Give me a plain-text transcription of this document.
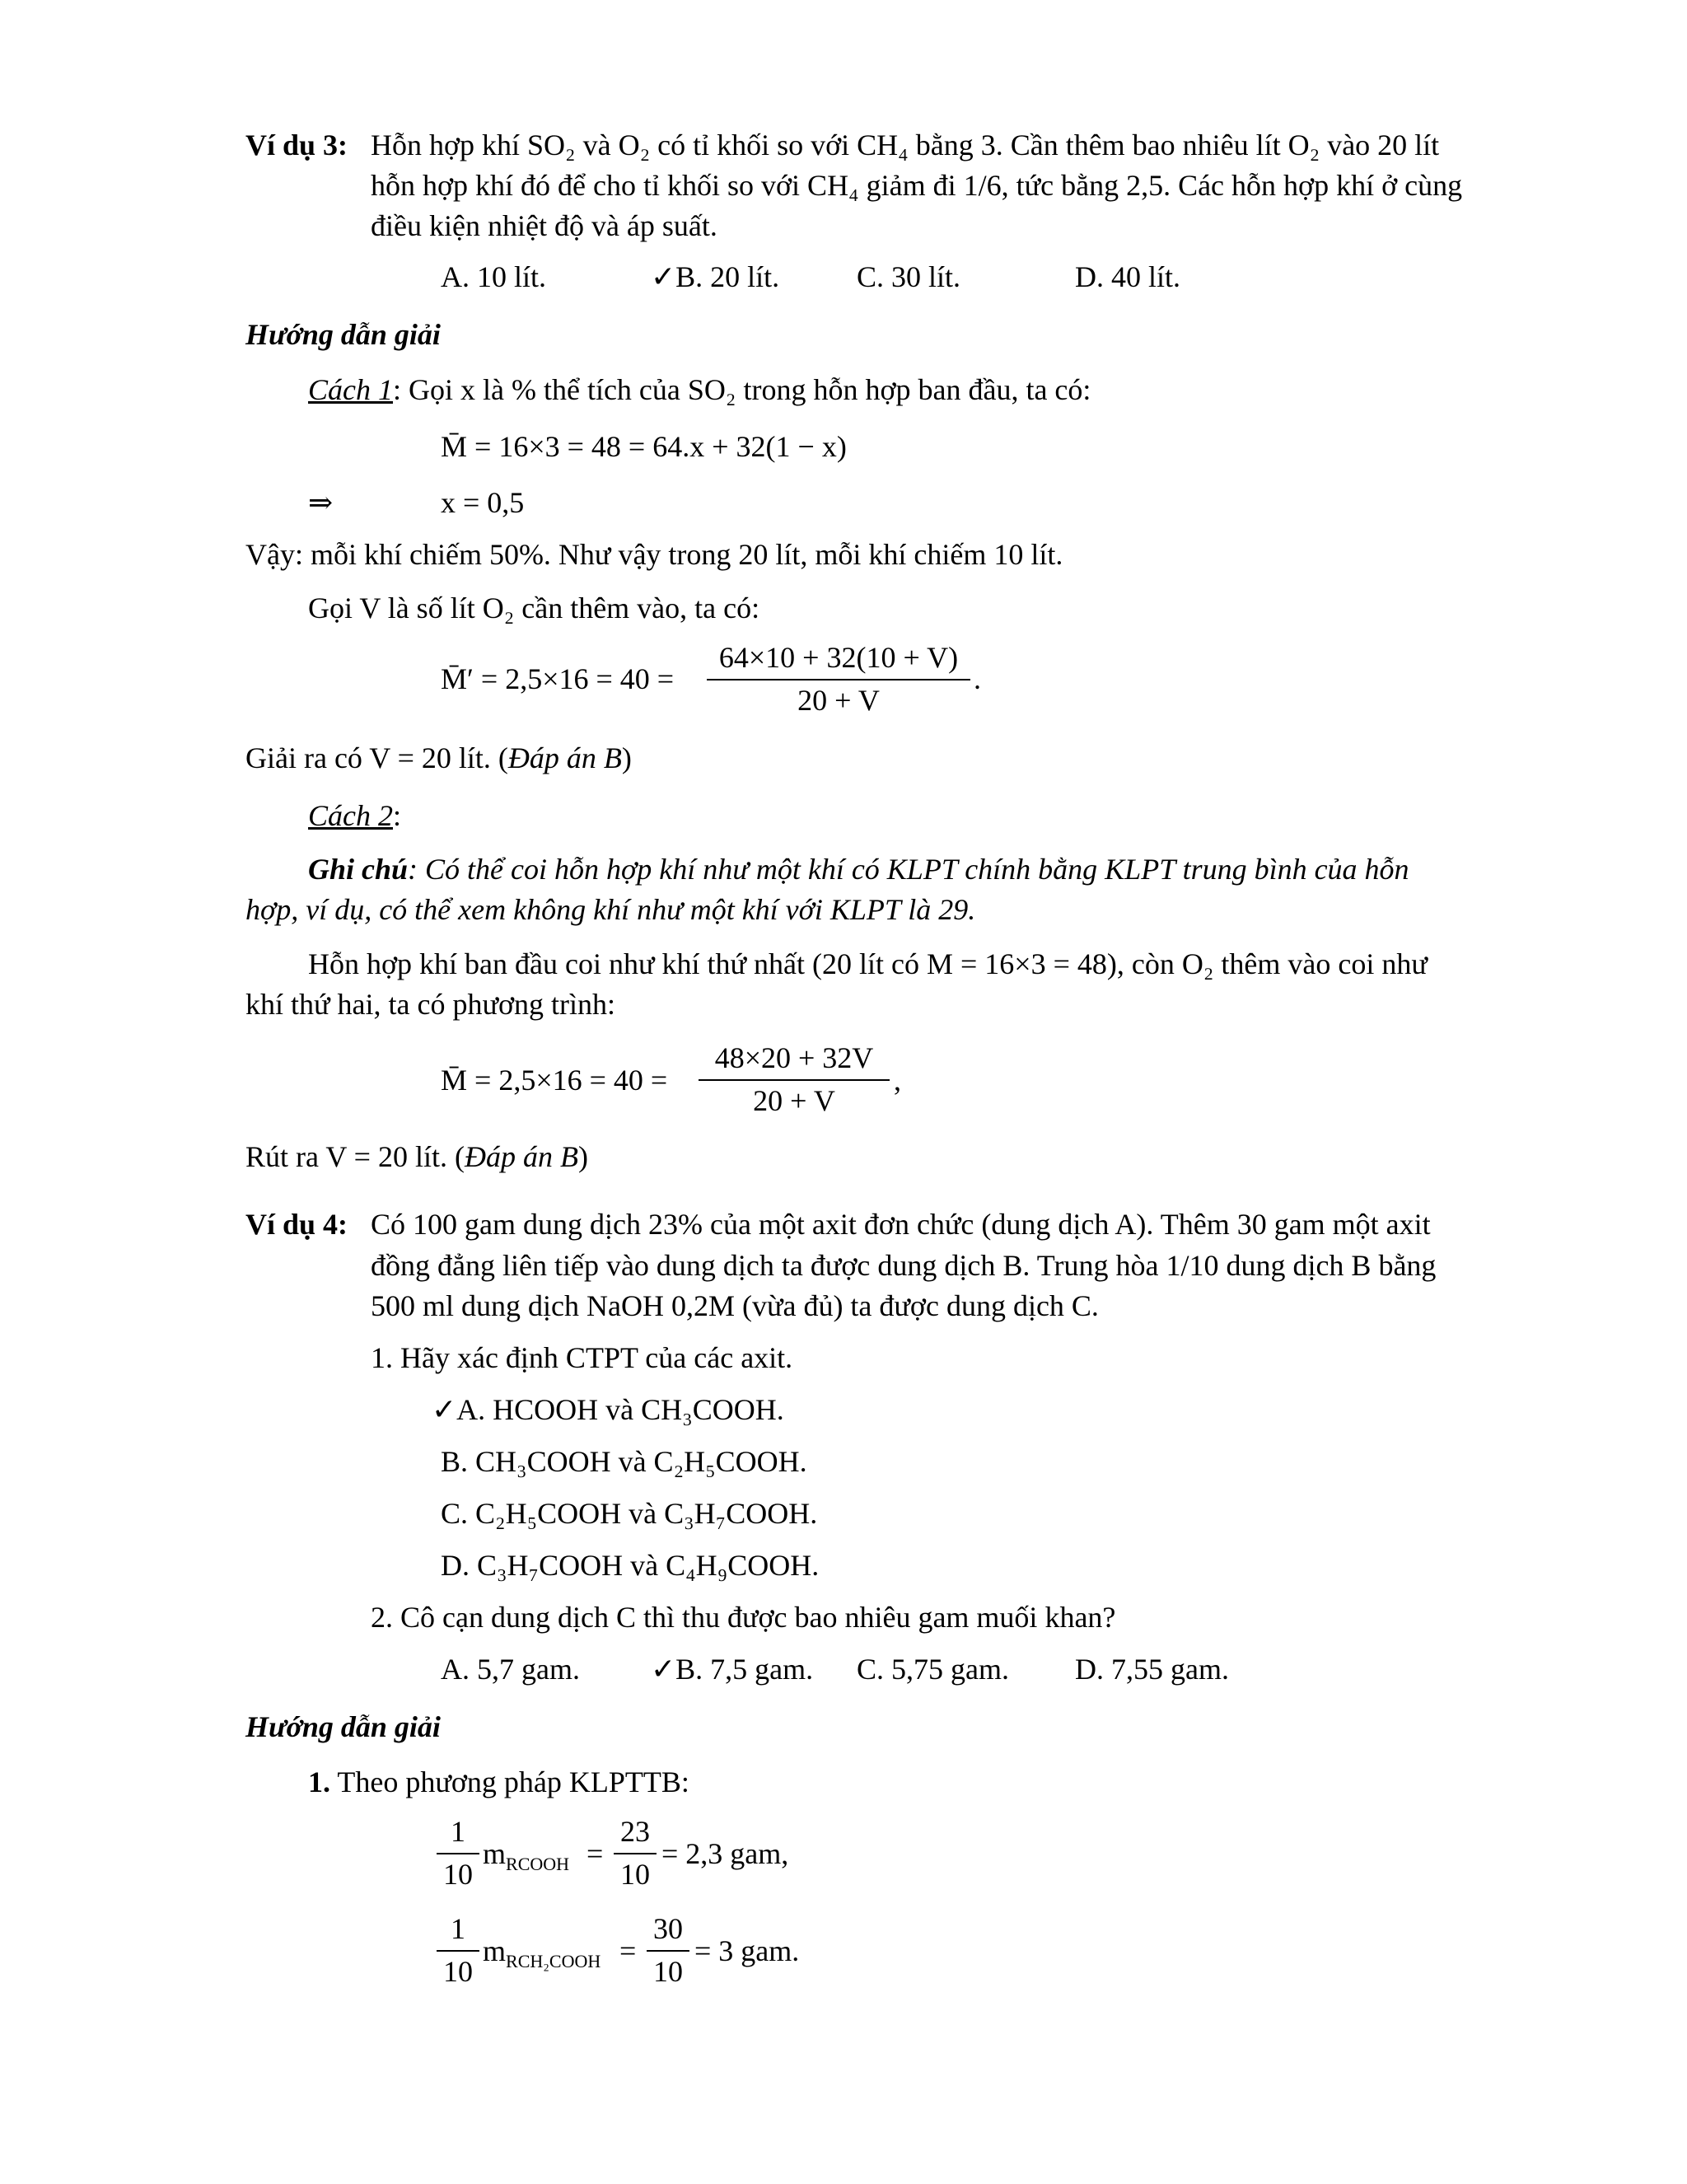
Ví dụ 3: Hỗn hợp khí SO₂ và O₂ có tỉ khối so với CH₄ bằng 3. Cần thêm bao nhiêu lít O₂ vào 20 lít
hỗn hợp khí đó để cho tỉ khối so với CH₄ giảm đi 1/6, tức bằng 2,5. Các hỗn hợp khí ở cùng
điều kiện nhiệt độ và áp suất.
A. 10 lít.	✓B. 20 lít.	C. 30 lít.	D. 40 lít.
Hướng dẫn giải
Cách 1: Gọi x là % thể tích của SO₂ trong hỗn hợp ban đầu, ta có:
M̄ = 16×3 = 48 = 64.x + 32(1 − x)
⇒	x = 0,5
Vậy: mỗi khí chiếm 50%. Như vậy trong 20 lít, mỗi khí chiếm 10 lít.
Gọi V là số lít O₂ cần thêm vào, ta có:
M̄′ = 2,5×16 = 40 =
64×10 + 32(10 + V)
20 + V
.
Giải ra có V = 20 lít. (Đáp án B)
Cách 2:
Ghi chú: Có thể coi hỗn hợp khí như một khí có KLPT chính bằng KLPT trung bình của hỗn
hợp, ví dụ, có thể xem không khí như một khí với KLPT là 29.
Hỗn hợp khí ban đầu coi như khí thứ nhất (20 lít có M = 16×3 = 48), còn O₂ thêm vào coi như
khí thứ hai, ta có phương trình:
M̄ = 2,5×16 = 40 =
48×20 + 32V
20 + V
,
Rút ra V = 20 lít. (Đáp án B)
Ví dụ 4: Có 100 gam dung dịch 23% của một axit đơn chức (dung dịch A). Thêm 30 gam một axit
đồng đẳng liên tiếp vào dung dịch ta được dung dịch B. Trung hòa 1/10 dung dịch B bằng
500 ml dung dịch NaOH 0,2M (vừa đủ) ta được dung dịch C.
1. Hãy xác định CTPT của các axit.
✓A. HCOOH và CH₃COOH.
B. CH₃COOH và C₂H₅COOH.
C. C₂H₅COOH và C₃H₇COOH.
D. C₃H₇COOH và C₄H₉COOH.
2. Cô cạn dung dịch C thì thu được bao nhiêu gam muối khan?
A. 5,7 gam. ✓B. 7,5 gam. C. 5,75 gam. D. 7,55 gam.
Hướng dẫn giải
1. Theo phương pháp KLPTTB:
1
10
$m_{RCOOH}$ =
23
10
= 2,3 gam,
1
10
$m_{RCH_2COOH}$ =
30
10
= 3 gam.
